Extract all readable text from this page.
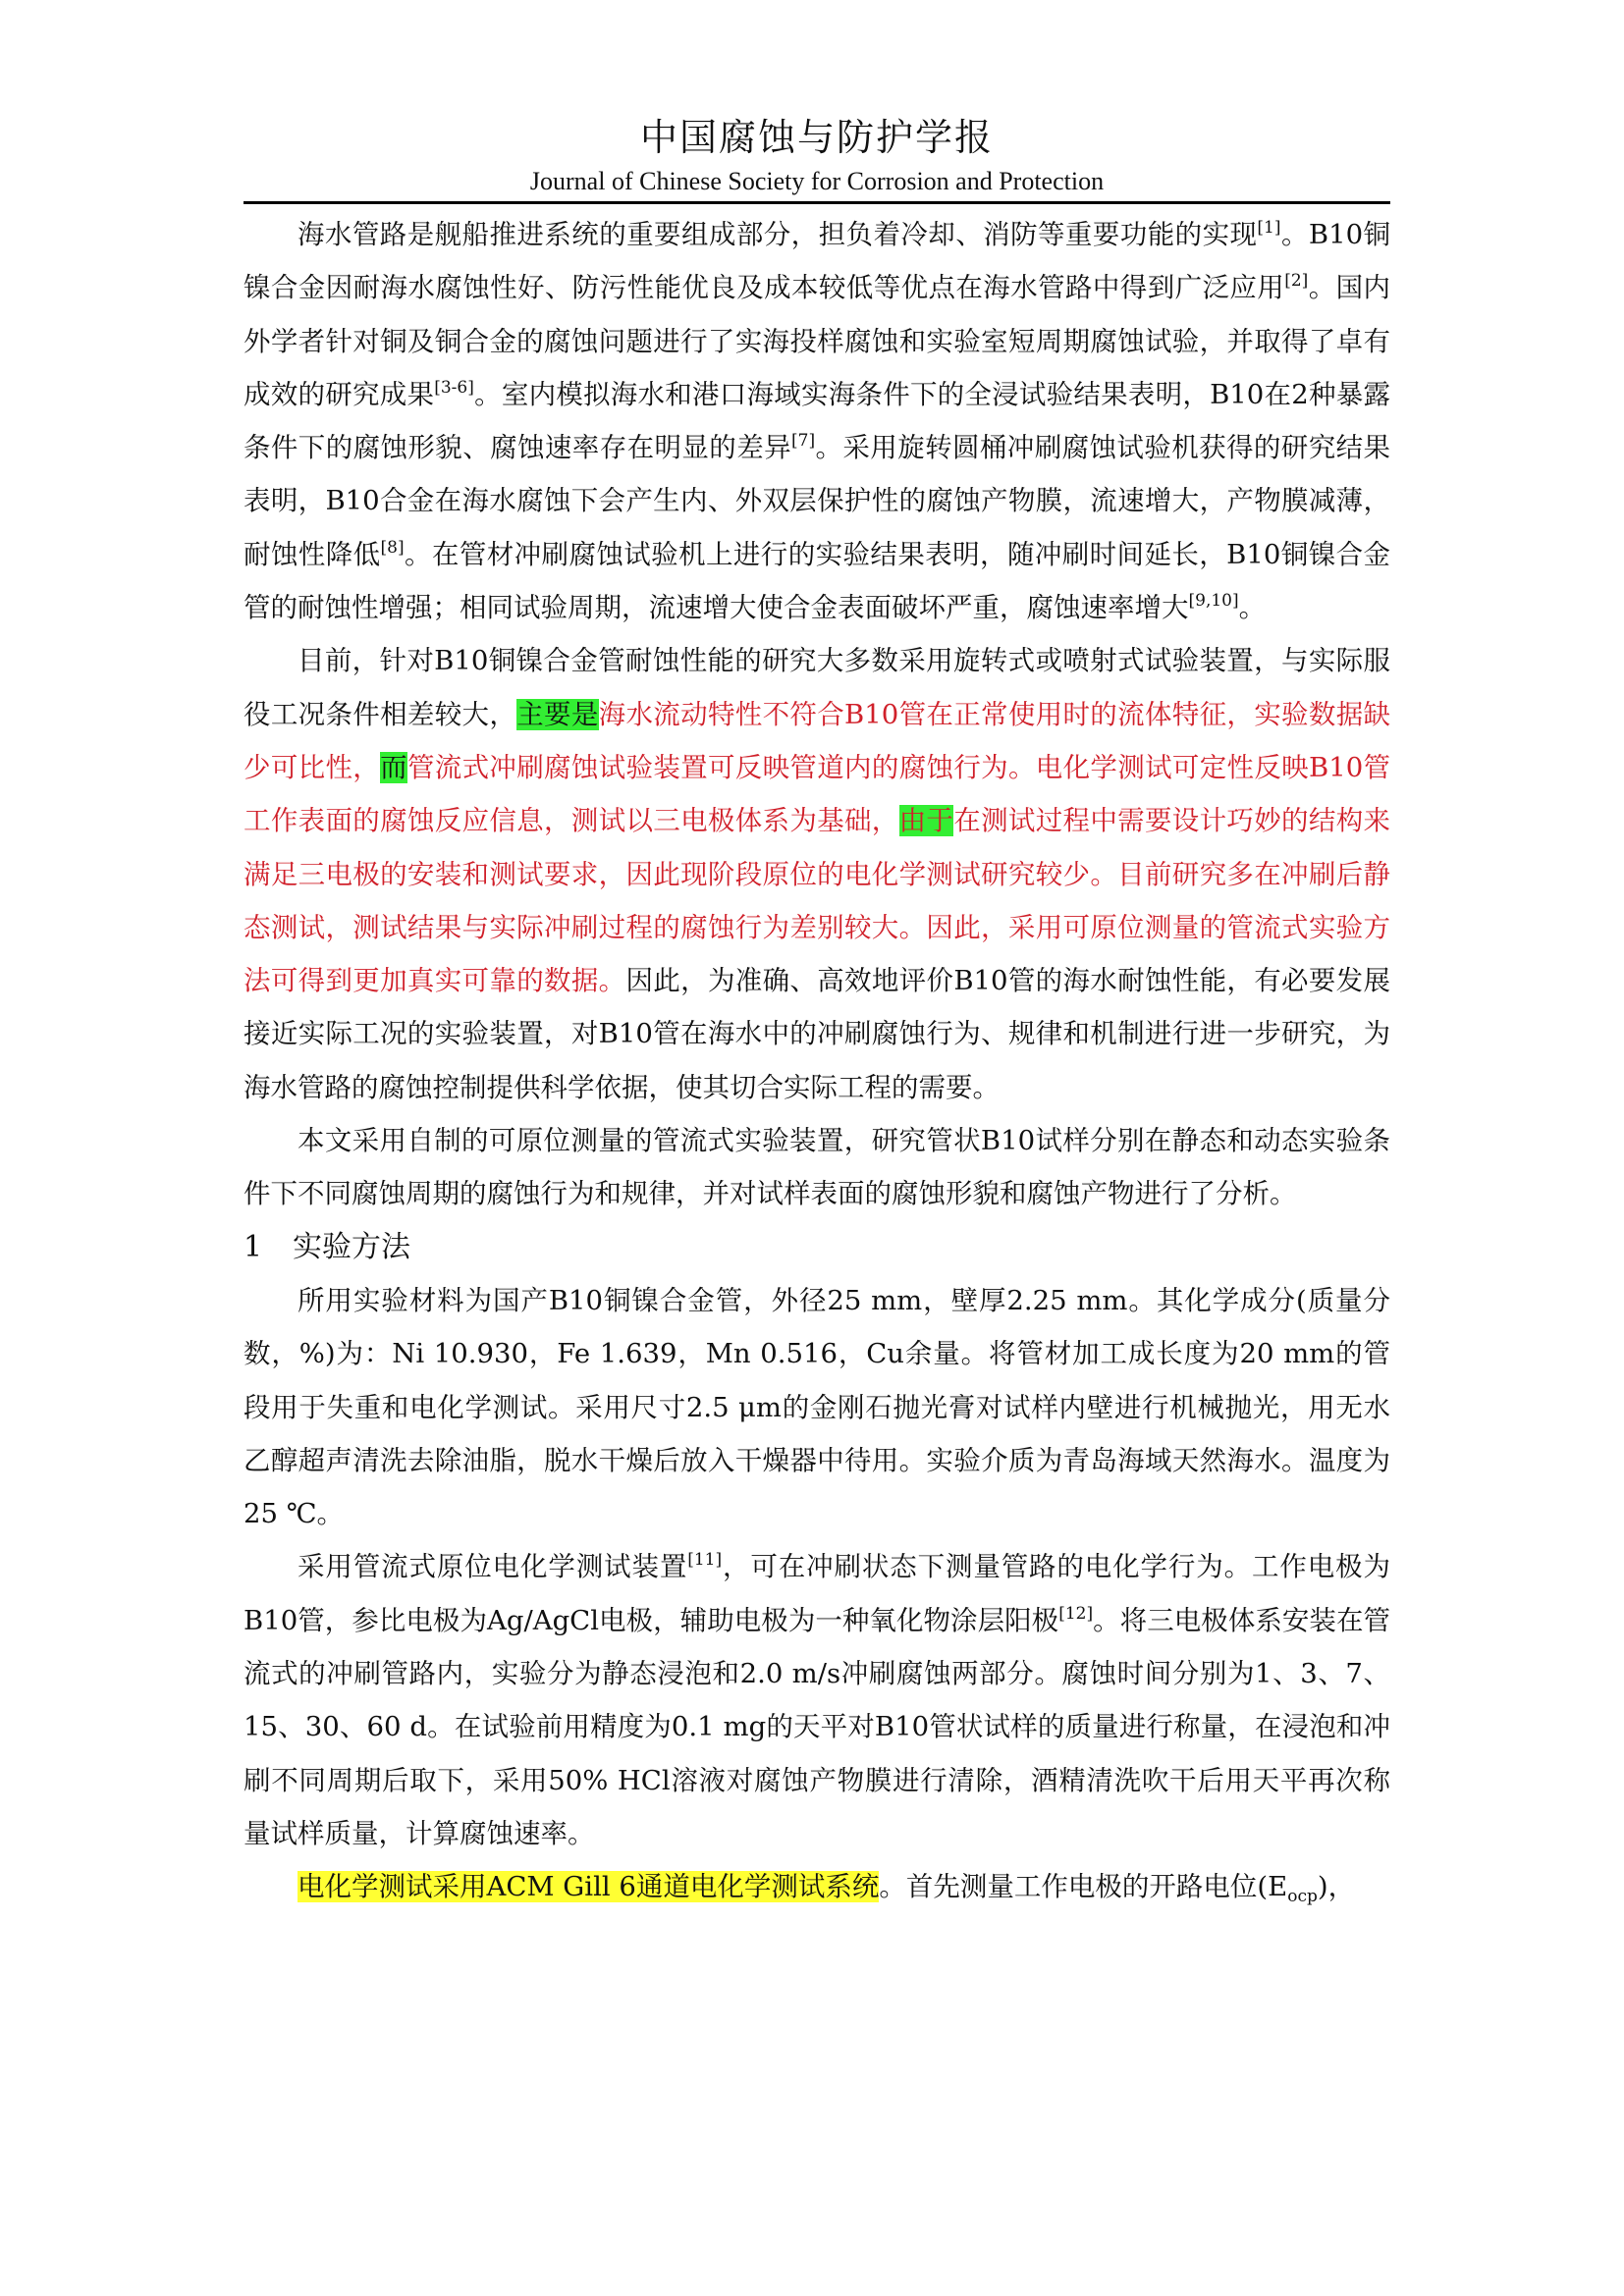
中国腐蚀与防护学报
Journal of Chinese Society for Corrosion and Protection

海水管路是舰船推进系统的重要组成部分，担负着冷却、消防等重要功能的实现[1]。B10铜镍合金因耐海水腐蚀性好、防污性能优良及成本较低等优点在海水管路中得到广泛应用[2]。国内外学者针对铜及铜合金的腐蚀问题进行了实海投样腐蚀和实验室短周期腐蚀试验，并取得了卓有成效的研究成果[3-6]。室内模拟海水和港口海域实海条件下的全浸试验结果表明，B10在2种暴露条件下的腐蚀形貌、腐蚀速率存在明显的差异[7]。采用旋转圆桶冲刷腐蚀试验机获得的研究结果表明，B10合金在海水腐蚀下会产生内、外双层保护性的腐蚀产物膜，流速增大，产物膜减薄，耐蚀性降低[8]。在管材冲刷腐蚀试验机上进行的实验结果表明，随冲刷时间延长，B10铜镍合金管的耐蚀性增强；相同试验周期，流速增大使合金表面破坏严重，腐蚀速率增大[9,10]。

目前，针对B10铜镍合金管耐蚀性能的研究大多数采用旋转式或喷射式试验装置，与实际服役工况条件相差较大，主要是海水流动特性不符合B10管在正常使用时的流体特征，实验数据缺少可比性，而管流式冲刷腐蚀试验装置可反映管道内的腐蚀行为。电化学测试可定性反映B10管工作表面的腐蚀反应信息，测试以三电极体系为基础，由于在测试过程中需要设计巧妙的结构来满足三电极的安装和测试要求，因此现阶段原位的电化学测试研究较少。目前研究多在冲刷后静态测试，测试结果与实际冲刷过程的腐蚀行为差别较大。因此，采用可原位测量的管流式实验方法可得到更加真实可靠的数据。因此，为准确、高效地评价B10管的海水耐蚀性能，有必要发展接近实际工况的实验装置，对B10管在海水中的冲刷腐蚀行为、规律和机制进行进一步研究，为海水管路的腐蚀控制提供科学依据，使其切合实际工程的需要。

本文采用自制的可原位测量的管流式实验装置，研究管状B10试样分别在静态和动态实验条件下不同腐蚀周期的腐蚀行为和规律，并对试样表面的腐蚀形貌和腐蚀产物进行了分析。

1 实验方法

所用实验材料为国产B10铜镍合金管，外径25 mm，壁厚2.25 mm。其化学成分(质量分数，%)为：Ni 10.930，Fe 1.639，Mn 0.516，Cu余量。将管材加工成长度为20 mm的管段用于失重和电化学测试。采用尺寸2.5 μm的金刚石抛光膏对试样内壁进行机械抛光，用无水乙醇超声清洗去除油脂，脱水干燥后放入干燥器中待用。实验介质为青岛海域天然海水。温度为25 ℃。

采用管流式原位电化学测试装置[11]，可在冲刷状态下测量管路的电化学行为。工作电极为B10管，参比电极为Ag/AgCl电极，辅助电极为一种氧化物涂层阳极[12]。将三电极体系安装在管流式的冲刷管路内，实验分为静态浸泡和2.0 m/s冲刷腐蚀两部分。腐蚀时间分别为1、3、7、15、30、60 d。在试验前用精度为0.1 mg的天平对B10管状试样的质量进行称量，在浸泡和冲刷不同周期后取下，采用50% HCl溶液对腐蚀产物膜进行清除，酒精清洗吹干后用天平再次称量试样质量，计算腐蚀速率。

电化学测试采用ACM Gill 6通道电化学测试系统。首先测量工作电极的开路电位$(E_{ocp})$，
